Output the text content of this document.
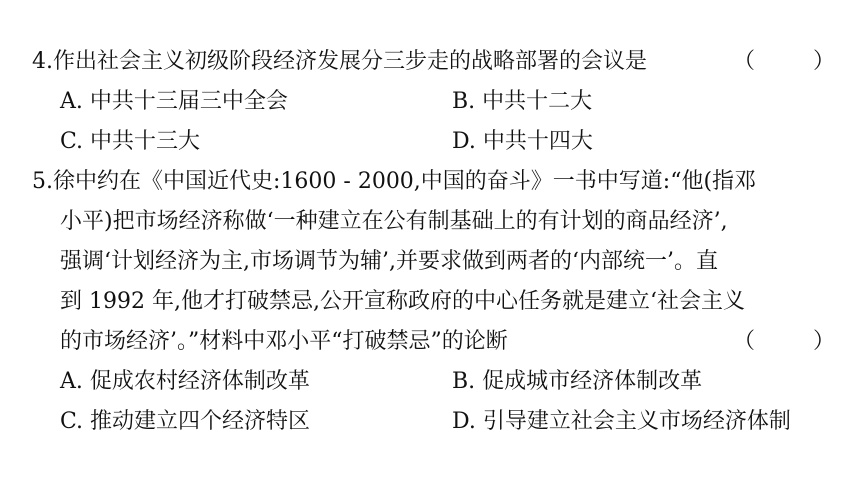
4.作出社会主义初级阶段经济发展分三步走的战略部署的会议是	（	）
A. 中共十三届三中全会	B. 中共十二大
C. 中共十三大	D. 中共十四大
5.徐中约在《中国近代史:1600 - 2000,中国的奋斗》一书中写道:“他(指邓
小平)把市场经济称做‘一种建立在公有制基础上的有计划的商品经济’,
强调‘计划经济为主,市场调节为辅’,并要求做到两者的‘内部统一’。直
到 1992 年,他才打破禁忌,公开宣称政府的中心任务就是建立‘社会主义
的市场经济’。”材料中邓小平“打破禁忌”的论断	（	）
A. 促成农村经济体制改革	B. 促成城市经济体制改革
C. 推动建立四个经济特区	D. 引导建立社会主义市场经济体制
